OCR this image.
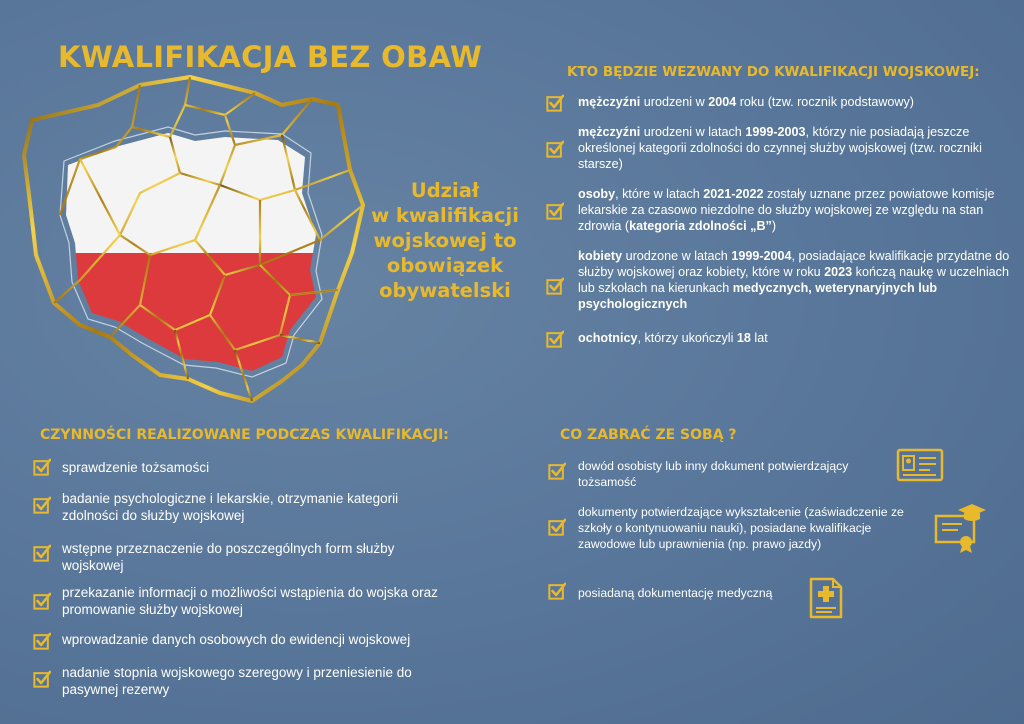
KWALIFIKACJA BEZ OBAW
Udział
w kwalifikacji
wojskowej to
obowiązek
obywatelski
KTO BĘDZIE WEZWANY DO KWALIFIKACJI WOJSKOWEJ:
mężczyźni urodzeni w 2004 roku (tzw. rocznik podstawowy)
mężczyźni urodzeni w latach 1999-2003, którzy nie posiadają jeszcze określonej kategorii zdolności do czynnej służby wojskowej (tzw. roczniki starsze)
osoby, które w latach 2021-2022 zostały uznane przez powiatowe komisje lekarskie za czasowo niezdolne do służby wojskowej ze względu na stan zdrowia (kategoria zdolności „B”)
kobiety urodzone w latach 1999-2004, posiadające kwalifikacje przydatne do służby wojskowej oraz kobiety, które w roku 2023 kończą naukę w uczelniach lub szkołach na kierunkach medycznych, weterynaryjnych lub psychologicznych
ochotnicy, którzy ukończyli 18 lat
CZYNNOŚCI REALIZOWANE PODCZAS KWALIFIKACJI:
sprawdzenie tożsamości
badanie psychologiczne i lekarskie, otrzymanie kategorii zdolności do służby wojskowej
wstępne przeznaczenie do poszczególnych form służby wojskowej
przekazanie informacji o możliwości wstąpienia do wojska oraz promowanie służby wojskowej
wprowadzanie danych osobowych do ewidencji wojskowej
nadanie stopnia wojskowego szeregowy i przeniesienie do pasywnej rezerwy
CO ZABRAĆ ZE SOBĄ ?
dowód osobisty lub inny dokument potwierdzający tożsamość
dokumenty potwierdzające wykształcenie (zaświadczenie ze szkoły o kontynuowaniu nauki), posiadane kwalifikacje zawodowe lub uprawnienia (np. prawo jazdy)
posiadaną dokumentację medyczną
